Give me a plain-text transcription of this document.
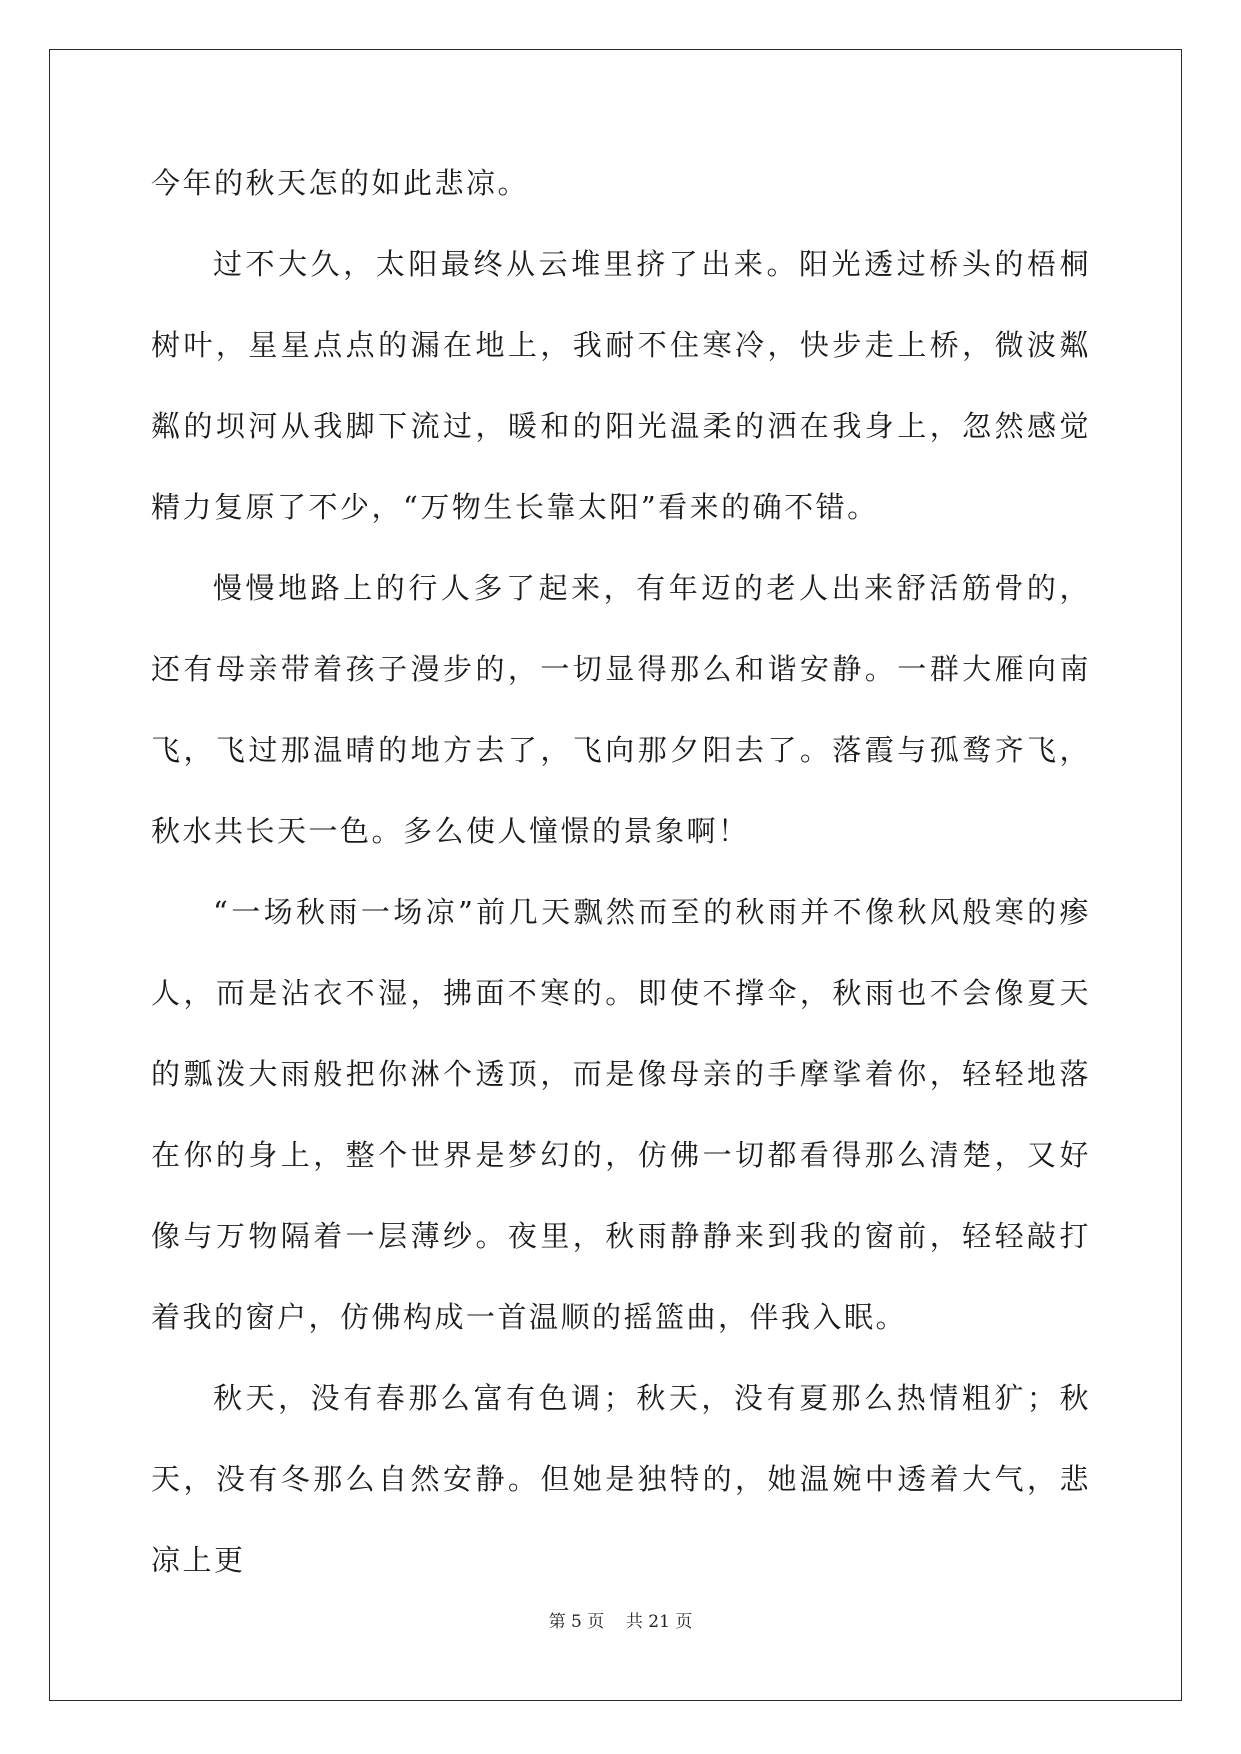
今年的秋天怎的如此悲凉。

过不大久，太阳最终从云堆里挤了出来。阳光透过桥头的梧桐树叶，星星点点的漏在地上，我耐不住寒冷，快步走上桥，微波粼粼的坝河从我脚下流过，暖和的阳光温柔的洒在我身上，忽然感觉精力复原了不少，“万物生长靠太阳”看来的确不错。

慢慢地路上的行人多了起来，有年迈的老人出来舒活筋骨的，还有母亲带着孩子漫步的，一切显得那么和谐安静。一群大雁向南飞，飞过那温晴的地方去了，飞向那夕阳去了。落霞与孤鹜齐飞，秋水共长天一色。多么使人憧憬的景象啊！

“一场秋雨一场凉”前几天飘然而至的秋雨并不像秋风般寒的瘆人，而是沾衣不湿，拂面不寒的。即使不撑伞，秋雨也不会像夏天的瓢泼大雨般把你淋个透顶，而是像母亲的手摩挲着你，轻轻地落在你的身上，整个世界是梦幻的，仿佛一切都看得那么清楚，又好像与万物隔着一层薄纱。夜里，秋雨静静来到我的窗前，轻轻敲打着我的窗户，仿佛构成一首温顺的摇篮曲，伴我入眠。

秋天，没有春那么富有色调；秋天，没有夏那么热情粗犷；秋天，没有冬那么自然安静。但她是独特的，她温婉中透着大气，悲凉上更

第 5 页 共 21 页
